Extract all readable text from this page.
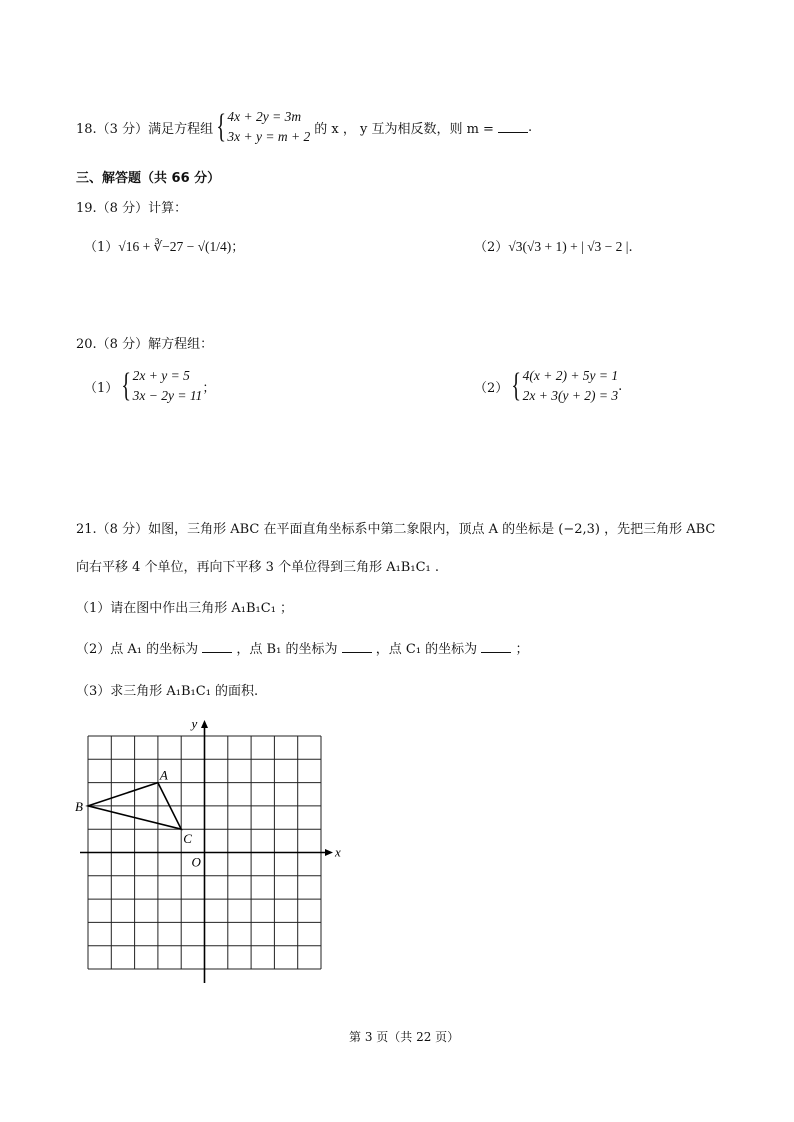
18.（3 分）满足方程组 { 4x + 2y = 3m
3x + y = m + 2 的 x ， y 互为相反数，则 m =	.
三、解答题（共 66 分）
19.（8 分）计算：
（1）√16 + ∛−27 − √(1/4)；	（2）√3(√3 + 1) + | √3 − 2 |.
20.（8 分）解方程组：
（1） { 2x + y = 5
3x − 2y = 11 ；	（2） { 4(x + 2) + 5y = 1
2x + 3(y + 2) = 3
.
21.（8 分）如图，三角形 ABC 在平面直角坐标系中第二象限内，顶点 A 的坐标是 (−2,3) ，先把三角形 ABC
向右平移 4 个单位，再向下平移 3 个单位得到三角形 A₁B₁C₁ .
（1）请在图中作出三角形 A₁B₁C₁ ；
（2）点 A₁ 的坐标为	，点 B₁ 的坐标为	，点 C₁ 的坐标为	；
（3）求三角形 A₁B₁C₁ 的面积.
A
B
C
O
x
y
第 3 页（共 22 页）
